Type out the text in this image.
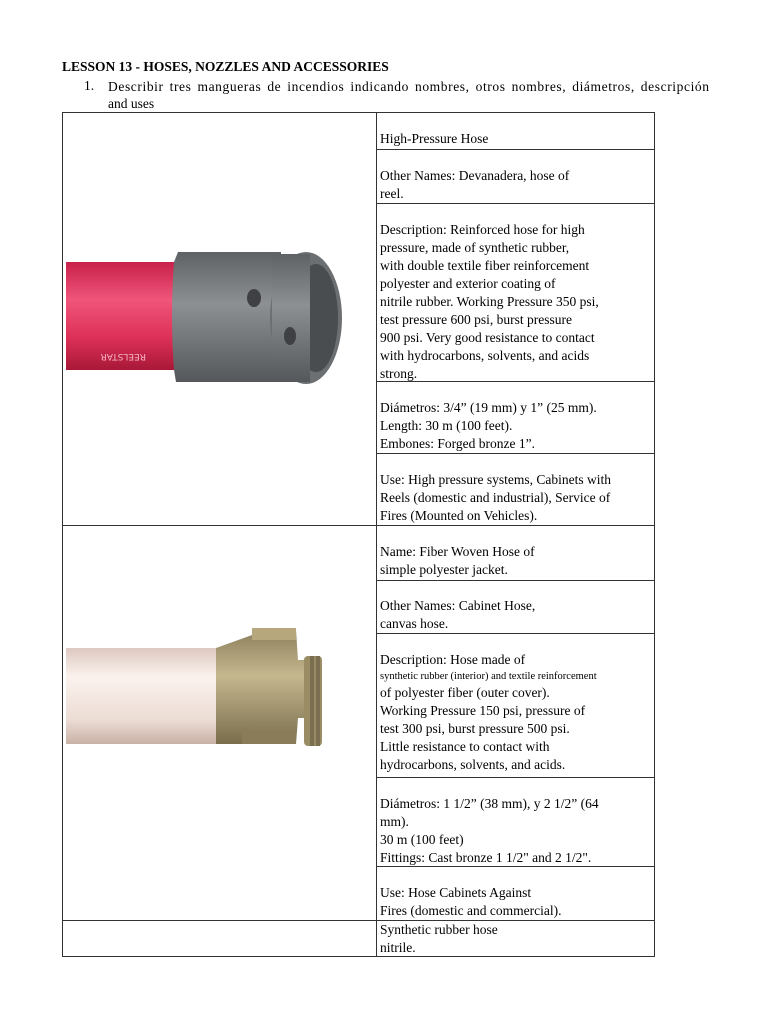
LESSON 13 - HOSES, NOZZLES AND ACCESSORIES
1. Describir tres mangueras de incendios indicando nombres, otros nombres, diámetros, descripción
and uses
REELSTAR
High-Pressure Hose
Other Names: Devanadera, hose of
reel.
Description: Reinforced hose for high
pressure, made of synthetic rubber,
with double textile fiber reinforcement
polyester and exterior coating of
nitrile rubber. Working Pressure 350 psi,
test pressure 600 psi, burst pressure
900 psi. Very good resistance to contact
with hydrocarbons, solvents, and acids
strong.
Diámetros: 3/4” (19 mm) y 1” (25 mm).
Length: 30 m (100 feet).
Embones: Forged bronze 1”.
Use: High pressure systems, Cabinets with
Reels (domestic and industrial), Service of
Fires (Mounted on Vehicles).
Name: Fiber Woven Hose of
simple polyester jacket.
Other Names: Cabinet Hose,
canvas hose.
Description: Hose made of
synthetic rubber (interior) and textile reinforcement
of polyester fiber (outer cover).
Working Pressure 150 psi, pressure of
test 300 psi, burst pressure 500 psi.
Little resistance to contact with
hydrocarbons, solvents, and acids.
Diámetros: 1 1/2” (38 mm), y 2 1/2” (64
mm).
30 m (100 feet)
Fittings: Cast bronze 1 1/2" and 2 1/2".
Use: Hose Cabinets Against
Fires (domestic and commercial).
Synthetic rubber hose
nitrile.
